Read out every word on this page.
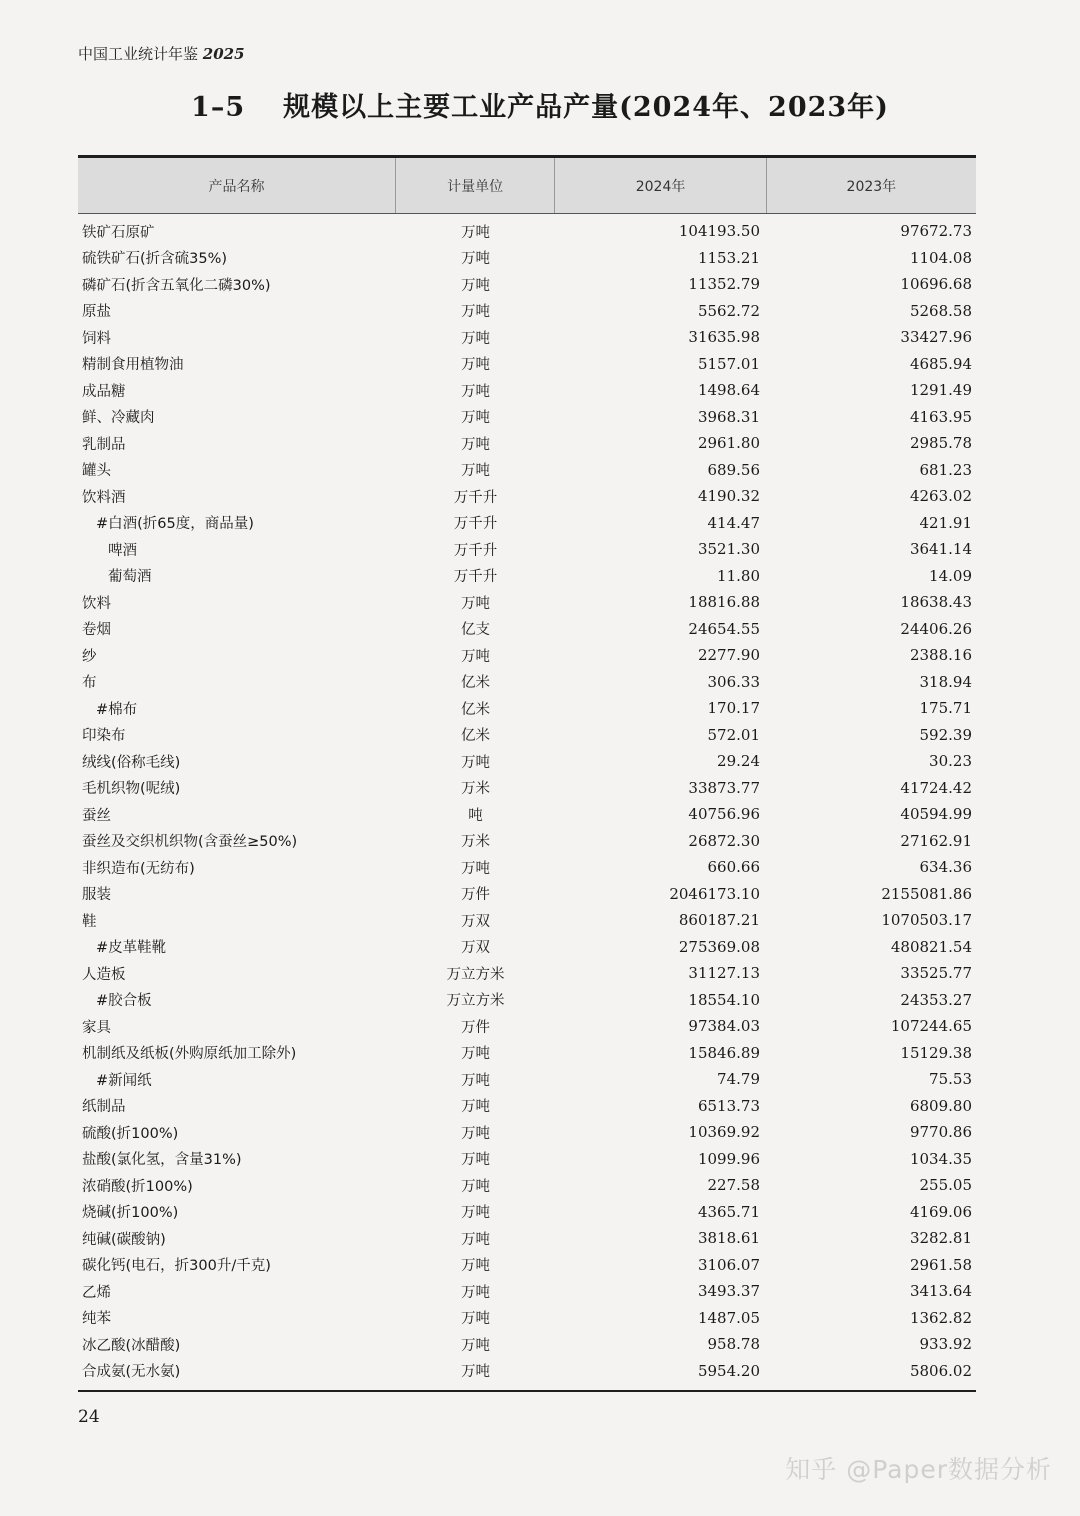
中国工业统计年鉴 2025
1–5 规模以上主要工业产品产量(2024年、2023年)
产品名称	计量单位	2024年	2023年
铁矿石原矿	万吨	104193.50	97672.73
硫铁矿石(折含硫35%)	万吨	1153.21	1104.08
磷矿石(折含五氧化二磷30%)	万吨	11352.79	10696.68
原盐	万吨	5562.72	5268.58
饲料	万吨	31635.98	33427.96
精制食用植物油	万吨	5157.01	4685.94
成品糖	万吨	1498.64	1291.49
鲜、冷藏肉	万吨	3968.31	4163.95
乳制品	万吨	2961.80	2985.78
罐头	万吨	689.56	681.23
饮料酒	万千升	4190.32	4263.02
#白酒(折65度，商品量)	万千升	414.47	421.91
啤酒	万千升	3521.30	3641.14
葡萄酒	万千升	11.80	14.09
饮料	万吨	18816.88	18638.43
卷烟	亿支	24654.55	24406.26
纱	万吨	2277.90	2388.16
布	亿米	306.33	318.94
#棉布	亿米	170.17	175.71
印染布	亿米	572.01	592.39
绒线(俗称毛线)	万吨	29.24	30.23
毛机织物(呢绒)	万米	33873.77	41724.42
蚕丝	吨	40756.96	40594.99
蚕丝及交织机织物(含蚕丝≥50%)	万米	26872.30	27162.91
非织造布(无纺布)	万吨	660.66	634.36
服装	万件	2046173.10	2155081.86
鞋	万双	860187.21	1070503.17
#皮革鞋靴	万双	275369.08	480821.54
人造板	万立方米	31127.13	33525.77
#胶合板	万立方米	18554.10	24353.27
家具	万件	97384.03	107244.65
机制纸及纸板(外购原纸加工除外)	万吨	15846.89	15129.38
#新闻纸	万吨	74.79	75.53
纸制品	万吨	6513.73	6809.80
硫酸(折100%)	万吨	10369.92	9770.86
盐酸(氯化氢，含量31%)	万吨	1099.96	1034.35
浓硝酸(折100%)	万吨	227.58	255.05
烧碱(折100%)	万吨	4365.71	4169.06
纯碱(碳酸钠)	万吨	3818.61	3282.81
碳化钙(电石，折300升/千克)	万吨	3106.07	2961.58
乙烯	万吨	3493.37	3413.64
纯苯	万吨	1487.05	1362.82
冰乙酸(冰醋酸)	万吨	958.78	933.92
合成氨(无水氨)	万吨	5954.20	5806.02
24
知乎 @Paper数据分析
